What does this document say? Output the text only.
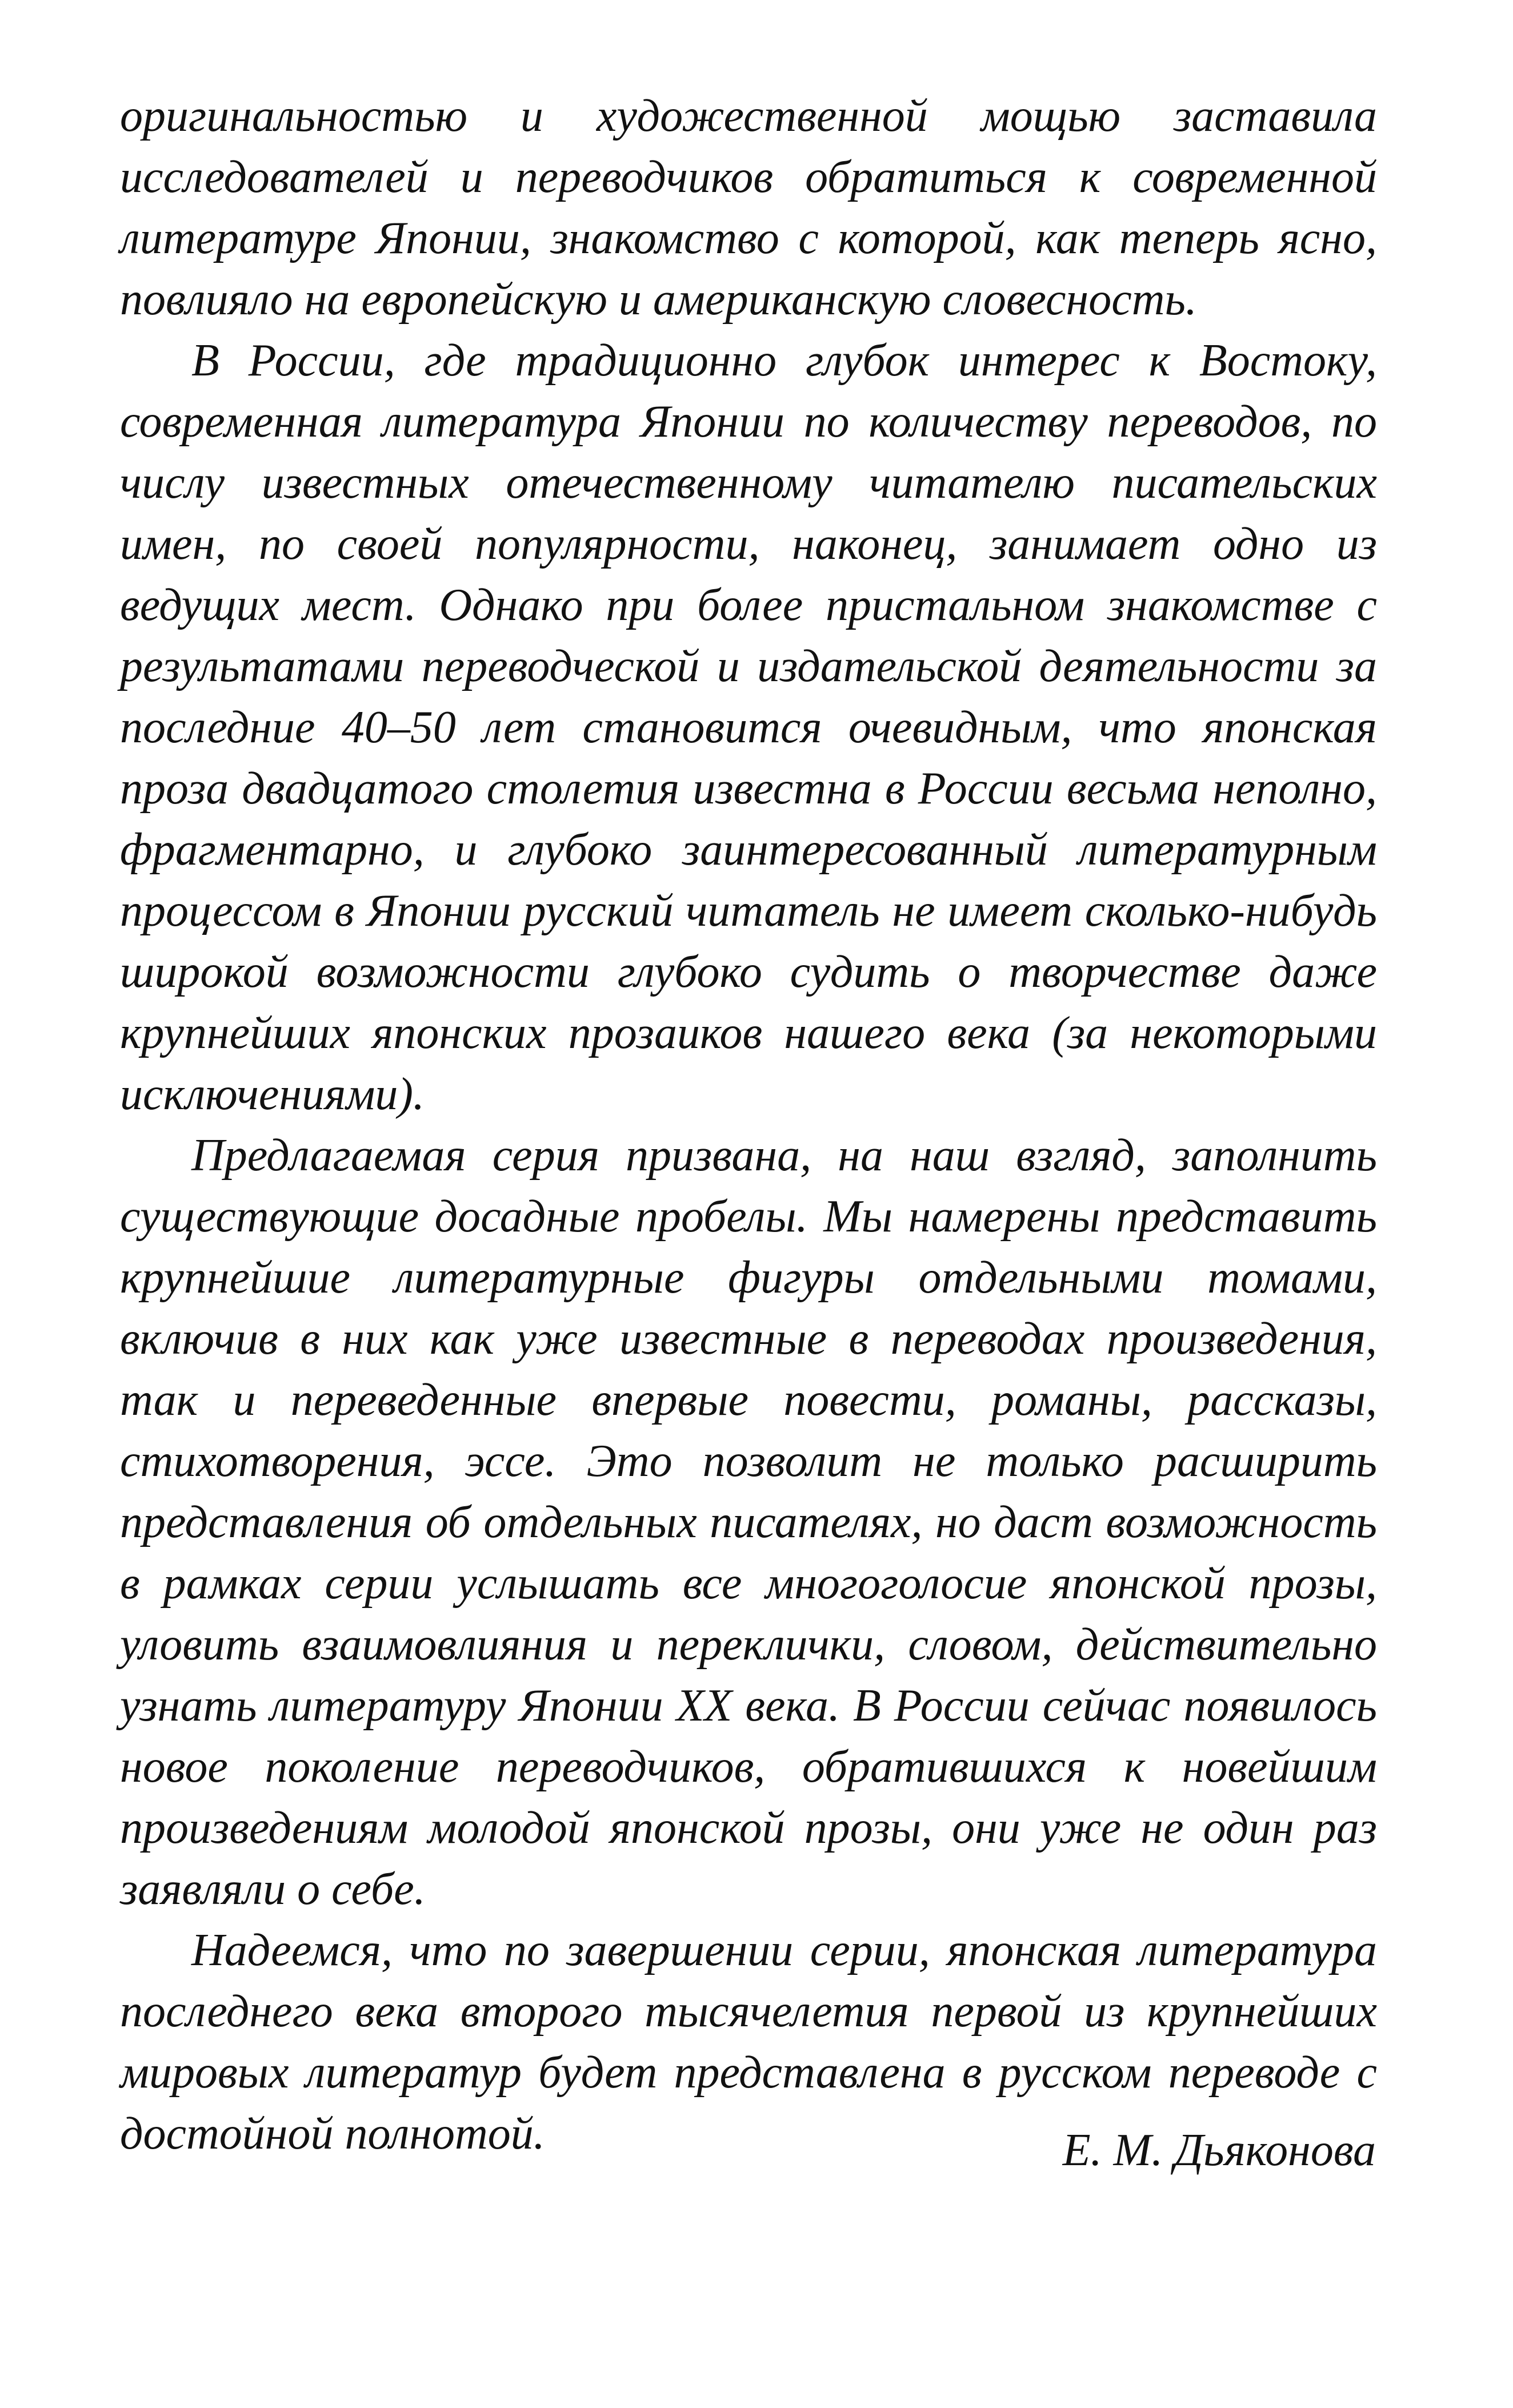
оригинальностью и художественной мощью заставила исследователей и переводчиков обратиться к современной литературе Японии, знакомство с которой, как теперь ясно, повлияло на европейскую и американскую словесность.

В России, где традиционно глубок интерес к Востоку, современная литература Японии по количеству переводов, по числу известных отечественному читателю писательских имен, по своей популярности, наконец, занимает одно из ведущих мест. Однако при более пристальном знакомстве с результатами переводческой и издательской деятельности за последние 40–50 лет становится очевидным, что японская проза двадцатого столетия известна в России весьма неполно, фрагментарно, и глубоко заинтересованный литературным процессом в Японии русский читатель не имеет сколько-нибудь широкой возможности глубоко судить о творчестве даже крупнейших японских прозаиков нашего века (за некоторыми исключениями).

Предлагаемая серия призвана, на наш взгляд, заполнить существующие досадные пробелы. Мы намерены представить крупнейшие литературные фигуры отдельными томами, включив в них как уже известные в переводах произведения, так и переведенные впервые повести, романы, рассказы, стихотворения, эссе. Это позволит не только расширить представления об отдельных писателях, но даст возможность в рамках серии услышать все многоголосие японской прозы, уловить взаимовлияния и переклички, словом, действительно узнать литературу Японии XX века. В России сейчас появилось новое поколение переводчиков, обратившихся к новейшим произведениям молодой японской прозы, они уже не один раз заявляли о себе.

Надеемся, что по завершении серии, японская литература последнего века второго тысячелетия первой из крупнейших мировых литератур будет представлена в русском переводе с достойной полнотой.	Е. М. Дьяконова
